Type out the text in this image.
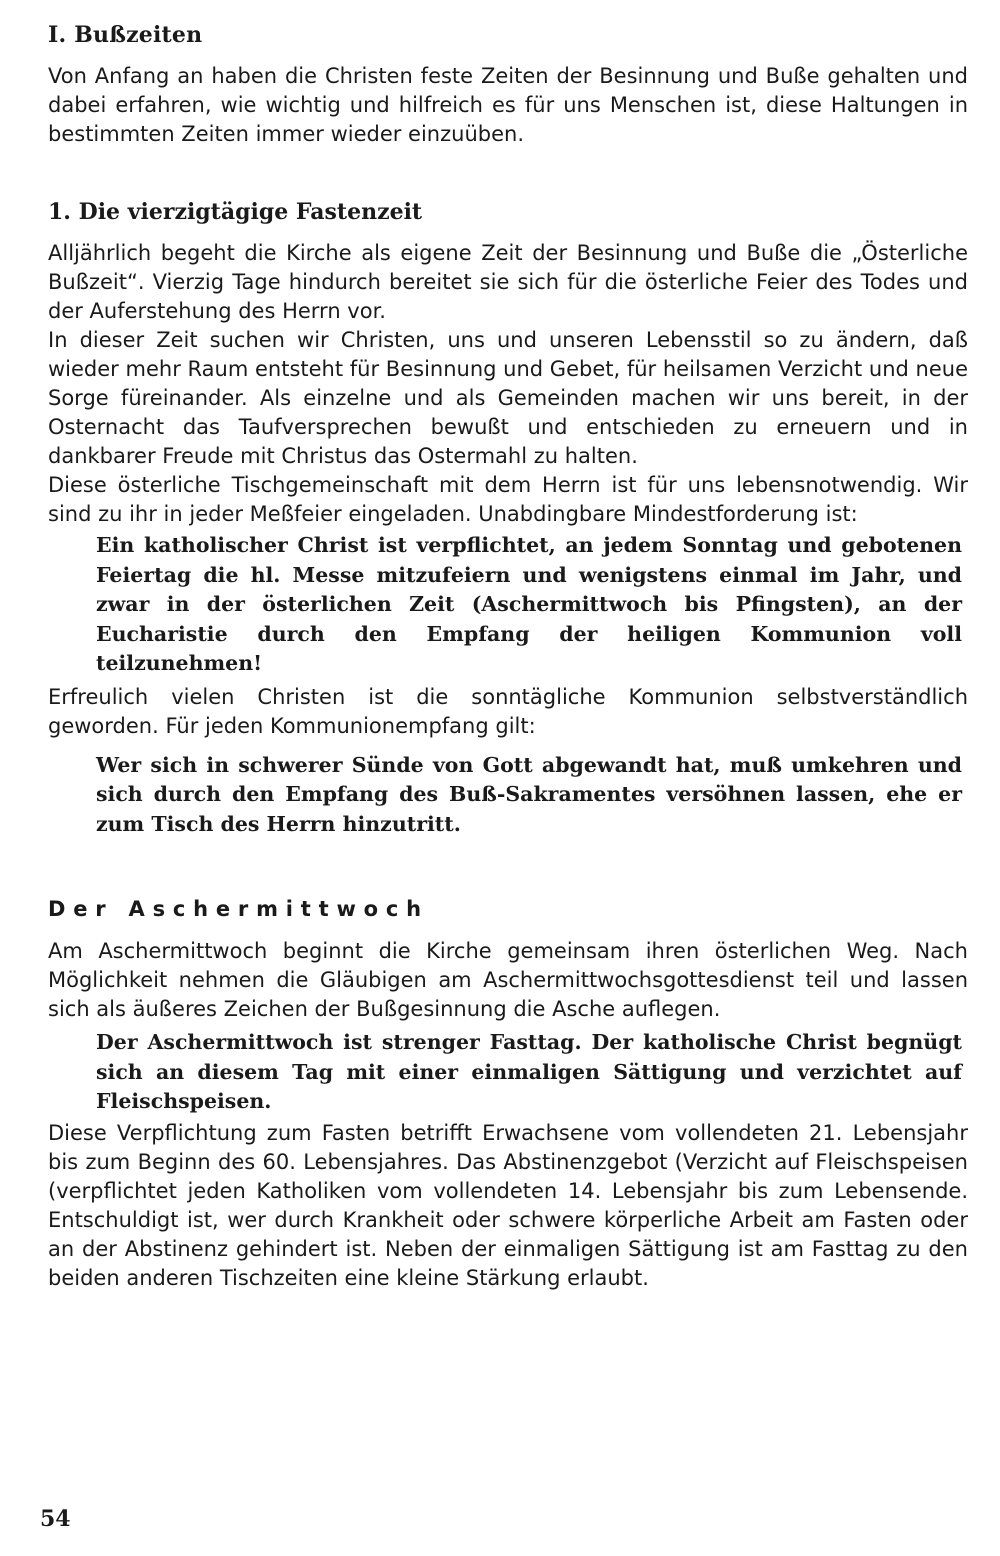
I. Bußzeiten

Von Anfang an haben die Christen feste Zeiten der Besinnung und Buße gehalten und dabei erfahren, wie wichtig und hilfreich es für uns Menschen ist, diese Haltungen in bestimmten Zeiten immer wieder einzuüben.

1. Die vierzigtägige Fastenzeit

Alljährlich begeht die Kirche als eigene Zeit der Besinnung und Buße die „Österliche Bußzeit“. Vierzig Tage hindurch bereitet sie sich für die österliche Feier des Todes und der Auferstehung des Herrn vor.

In dieser Zeit suchen wir Christen, uns und unseren Lebensstil so zu ändern, daß wieder mehr Raum entsteht für Besinnung und Gebet, für heilsamen Verzicht und neue Sorge füreinander. Als einzelne und als Gemeinden machen wir uns bereit, in der Osternacht das Taufversprechen bewußt und entschieden zu erneuern und in dankbarer Freude mit Christus das Ostermahl zu halten.

Diese österliche Tischgemeinschaft mit dem Herrn ist für uns lebensnotwendig. Wir sind zu ihr in jeder Meßfeier eingeladen. Unabdingbare Mindestforderung ist:

Ein katholischer Christ ist verpflichtet, an jedem Sonntag und gebotenen Feiertag die hl. Messe mitzufeiern und wenigstens einmal im Jahr, und zwar in der österlichen Zeit (Aschermittwoch bis Pfingsten), an der Eucharistie durch den Empfang der heiligen Kommunion voll teilzunehmen!

Erfreulich vielen Christen ist die sonntägliche Kommunion selbstverständlich geworden. Für jeden Kommunionempfang gilt:

Wer sich in schwerer Sünde von Gott abgewandt hat, muß umkehren und sich durch den Empfang des Buß-Sakramentes versöhnen lassen, ehe er zum Tisch des Herrn hinzutritt.

Der Aschermittwoch

Am Aschermittwoch beginnt die Kirche gemeinsam ihren österlichen Weg. Nach Möglichkeit nehmen die Gläubigen am Aschermittwochsgottesdienst teil und lassen sich als äußeres Zeichen der Bußgesinnung die Asche auflegen.

Der Aschermittwoch ist strenger Fasttag. Der katholische Christ begnügt sich an diesem Tag mit einer einmaligen Sättigung und verzichtet auf Fleischspeisen.

Diese Verpflichtung zum Fasten betrifft Erwachsene vom vollendeten 21. Lebensjahr bis zum Beginn des 60. Lebensjahres. Das Abstinenzgebot (Verzicht auf Fleischspeisen (verpflichtet jeden Katholiken vom vollendeten 14. Lebensjahr bis zum Lebensende. Entschuldigt ist, wer durch Krankheit oder schwere körperliche Arbeit am Fasten oder an der Abstinenz gehindert ist. Neben der einmaligen Sättigung ist am Fasttag zu den beiden anderen Tischzeiten eine kleine Stärkung erlaubt.

54
